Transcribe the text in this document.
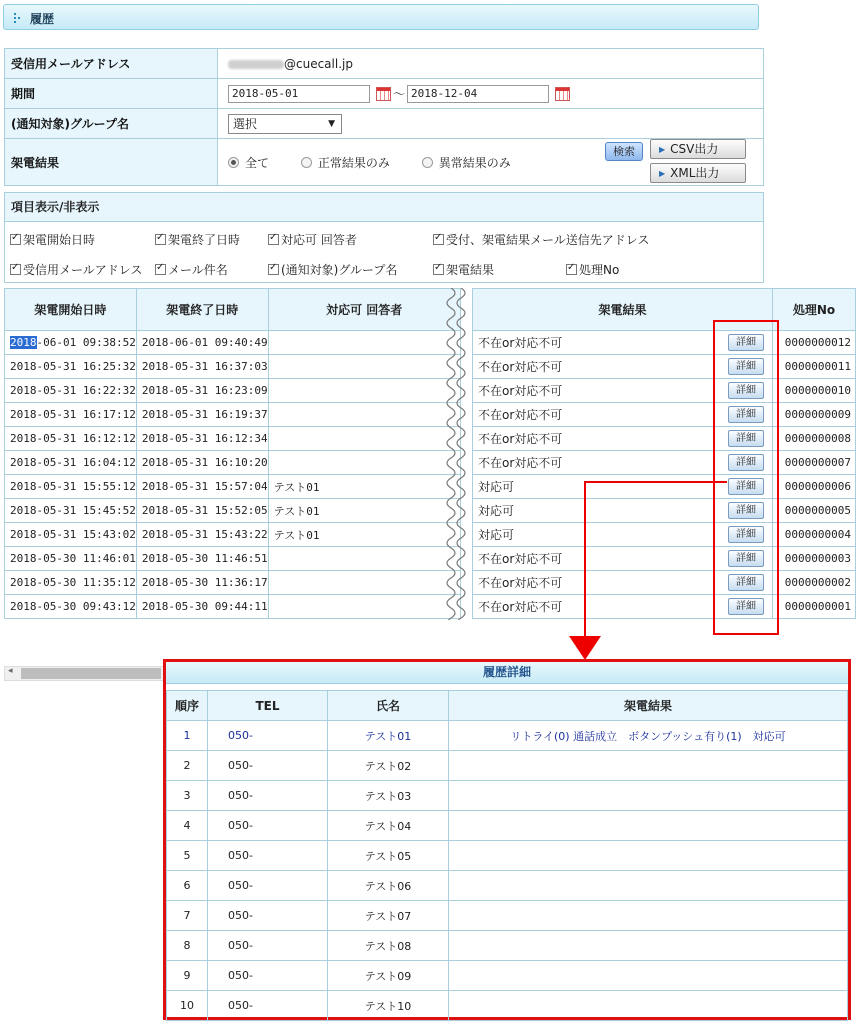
履歴
受信用メールアドレス	@cuecall.jp
期間	2018-05-01 ～ 2018-12-04
(通知対象)グループ名	選択 ▼

架電結果	全て 正常結果のみ 異常結果のみ
検索	▶ CSV出力
▶ XML出力
項目表示/非表示
✓架電開始日時 ✓	架電終了日時 ✓	対応可 回答者 ✓	受付、架電結果メール送信先アドレス
✓受信用メールアドレス ✓	メール件名 ✓	(通知対象)グループ名 ✓	架電結果 ✓	処理No
架電開始日時	架電終了日時	対応可 回答者
2018-06-01 09:38:52	2018-06-01 09:40:49	
2018-05-31 16:25:32	2018-05-31 16:37:03	
2018-05-31 16:22:32	2018-05-31 16:23:09	
2018-05-31 16:17:12	2018-05-31 16:19:37	
2018-05-31 16:12:12	2018-05-31 16:12:34	
2018-05-31 16:04:12	2018-05-31 16:10:20	
2018-05-31 15:55:12	2018-05-31 15:57:04	テスト01
2018-05-31 15:45:52	2018-05-31 15:52:05	テスト01
2018-05-31 15:43:02	2018-05-31 15:43:22	テスト01
2018-05-30 11:46:01	2018-05-30 11:46:51	
2018-05-30 11:35:12	2018-05-30 11:36:17	
2018-05-30 09:43:12	2018-05-30 09:44:11	
架電結果	処理No
不在or対応不可 詳細	0000000012
不在or対応不可 詳細	0000000011
不在or対応不可 詳細	0000000010
不在or対応不可 詳細	0000000009
不在or対応不可 詳細	0000000008
不在or対応不可 詳細	0000000007
対応可 詳細	0000000006
対応可 詳細	0000000005
対応可 詳細	0000000004
不在or対応不可 詳細	0000000003
不在or対応不可 詳細	0000000002
不在or対応不可 詳細	0000000001
◂	履歴詳細
順序	TEL	氏名	架電結果
1	050-	テスト01	リトライ(0) 通話成立　ボタンプッシュ有り(1)　対応可
2	050-	テスト02	
3	050-	テスト03	
4	050-	テスト04	
5	050-	テスト05	
6	050-	テスト06	
7	050-	テスト07	
8	050-	テスト08	
9	050-	テスト09	
10	050-	テスト10	
